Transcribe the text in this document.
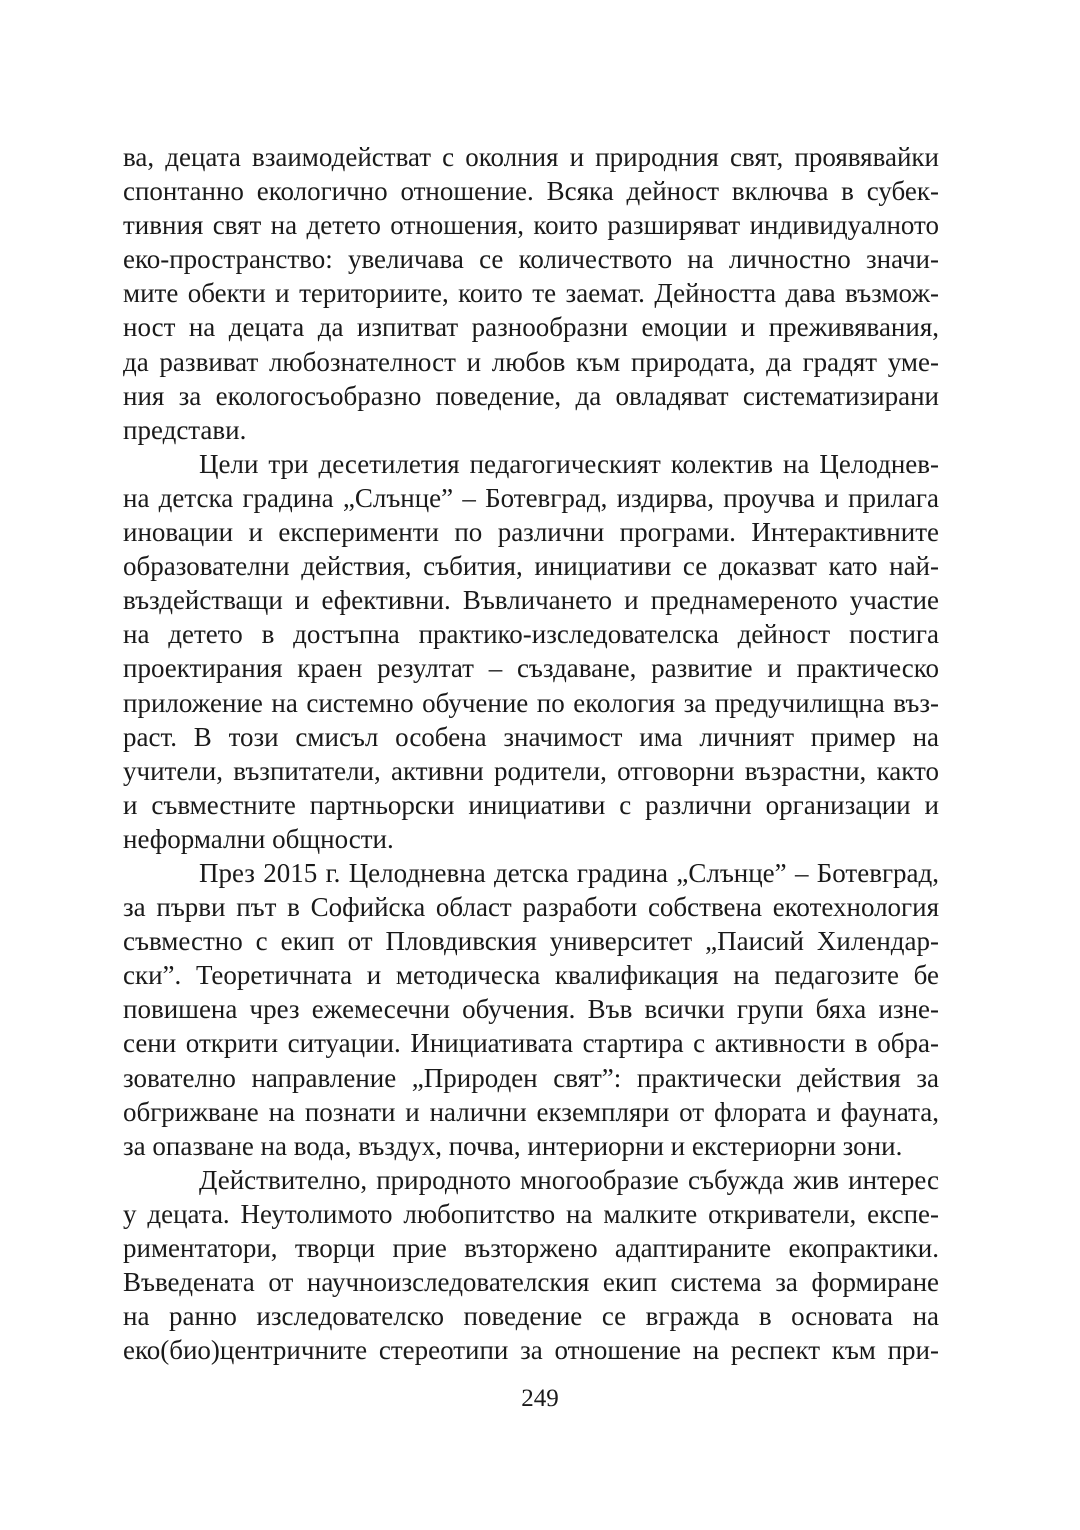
ва, децата взаимодействат с околния и природния свят, проявявайки
спонтанно екологично отношение. Всяка дейност включва в субек-
тивния свят на детето отношения, които разширяват индивидуалното
еко-пространство: увеличава се количеството на личностно значи-
мите обекти и териториите, които те заемат. Дейността дава възмож-
ност на децата да изпитват разнообразни емоции и преживявания,
да развиват любознателност и любов към природата, да градят уме-
ния за екологосъобразно поведение, да овладяват систематизирани
представи.
Цели три десетилетия педагогическият колектив на Целоднев-
на детска градина „Слънце” – Ботевград, издирва, проучва и прилага
иновации и експерименти по различни програми. Интерактивните
образователни действия, събития, инициативи се доказват като най-
въздействащи и ефективни. Въвличането и преднамереното участие
на детето в достъпна практико-изследователска дейност постига
проектирания краен резултат – създаване, развитие и практическо
приложение на системно обучение по екология за предучилищна въз-
раст. В този смисъл особена значимост има личният пример на
учители, възпитатели, активни родители, отговорни възрастни, както
и съвместните партньорски инициативи с различни организации и
неформални общности.
През 2015 г. Целодневна детска градина „Слънце” – Ботевград,
за първи път в Софийска област разработи собствена екотехнология
съвместно с екип от Пловдивския университет „Паисий Хилендар-
ски”. Теоретичната и методическа квалификация на педагозите бе
повишена чрез ежемесечни обучения. Във всички групи бяха изне-
сени открити ситуации. Инициативата стартира с активности в обра-
зователно направление „Природен свят”: практически действия за
обгрижване на познати и налични екземпляри от флората и фауната,
за опазване на вода, въздух, почва, интериорни и екстериорни зони.
Действително, природното многообразие събужда жив интерес
у децата. Неутолимото любопитство на малките откриватели, експе-
риментатори, творци прие възторжено адаптираните екопрактики.
Въведената от научноизследователския екип система за формиране
на ранно изследователско поведение се вгражда в основата на
еко(био)центричните стереотипи за отношение на респект към при-
249
